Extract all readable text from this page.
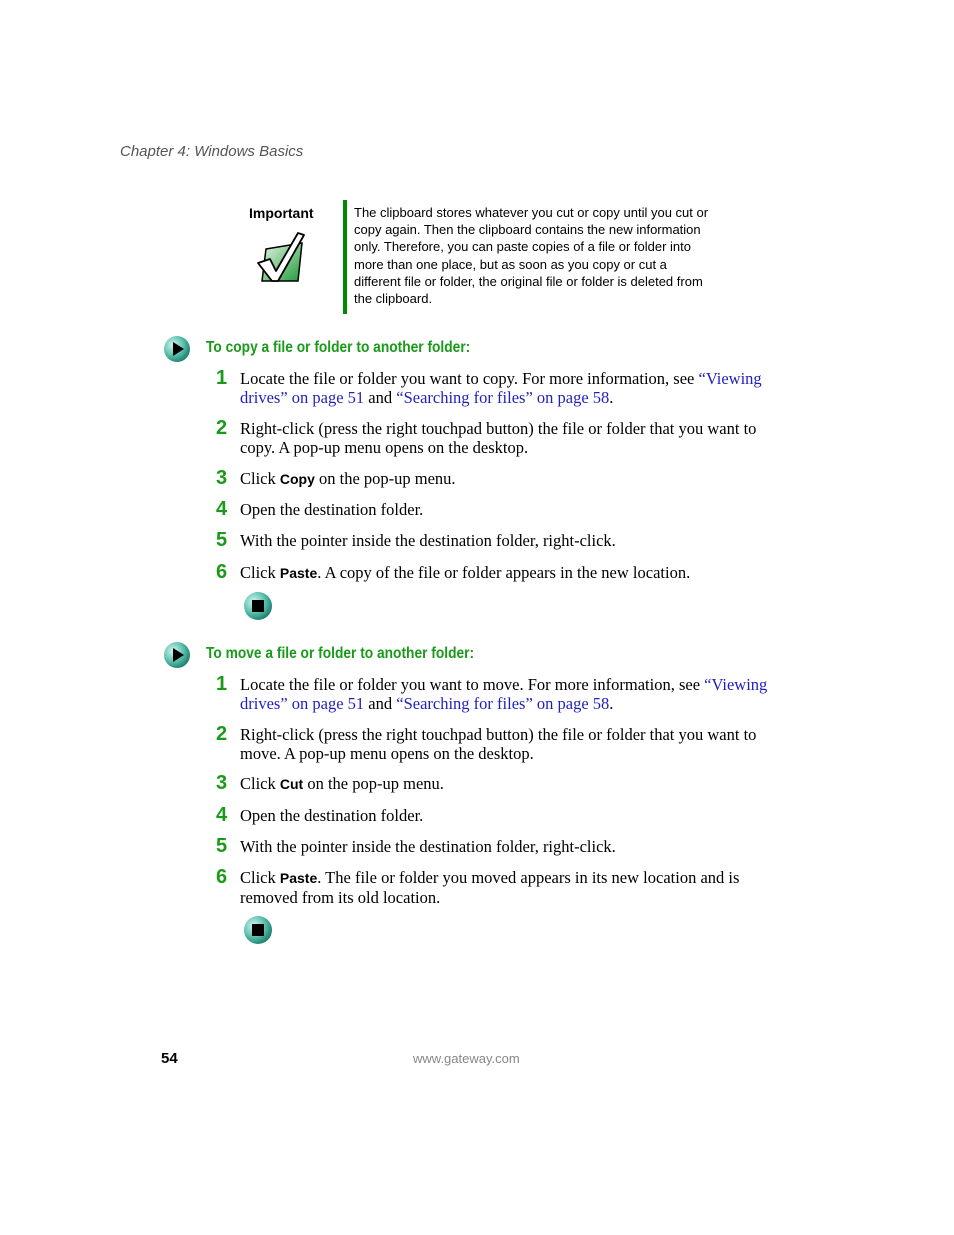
Chapter 4: Windows Basics
Important	The clipboard stores whatever you cut or copy until you cut or copy again. Then the clipboard contains the new information only. Therefore, you can paste copies of a file or folder into more than one place, but as soon as you copy or cut a different file or folder, the original file or folder is deleted from the clipboard.
To copy a file or folder to another folder:
1 Locate the file or folder you want to copy. For more information, see “Viewing drives” on page 51 and “Searching for files” on page 58.
2 Right-click (press the right touchpad button) the file or folder that you want to copy. A pop-up menu opens on the desktop.
3 Click Copy on the pop-up menu.
4 Open the destination folder.
5 With the pointer inside the destination folder, right-click.
6 Click Paste. A copy of the file or folder appears in the new location.
To move a file or folder to another folder:
1 Locate the file or folder you want to move. For more information, see “Viewing drives” on page 51 and “Searching for files” on page 58.
2 Right-click (press the right touchpad button) the file or folder that you want to move. A pop-up menu opens on the desktop.
3 Click Cut on the pop-up menu.
4 Open the destination folder.
5 With the pointer inside the destination folder, right-click.
6 Click Paste. The file or folder you moved appears in its new location and is removed from its old location.
54	www.gateway.com
